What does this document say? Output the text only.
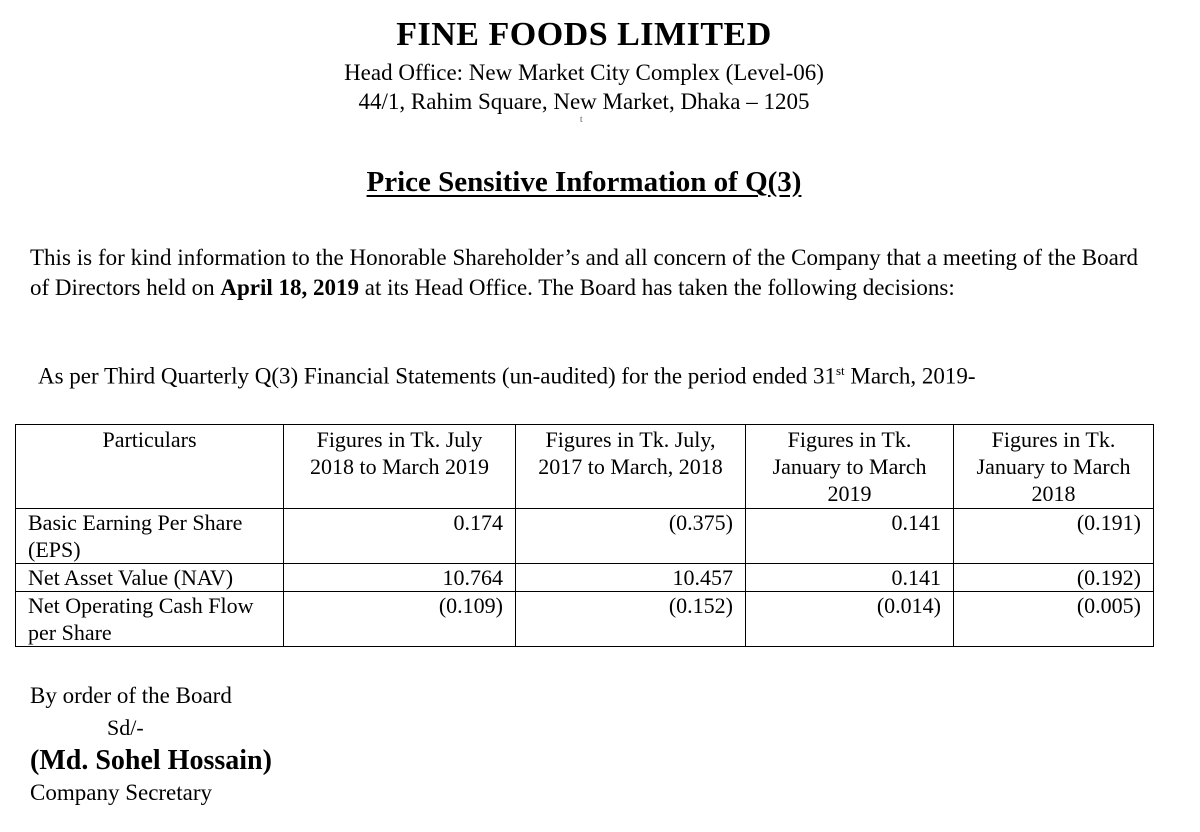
FINE FOODS LIMITED
Head Office: New Market City Complex (Level-06)
44/1, Rahim Square, New Market, Dhaka – 1205
t
Price Sensitive Information of Q(3)

This is for kind information to the Honorable Shareholder’s and all concern of the Company that a meeting of the Board of Directors held on April 18, 2019 at its Head Office. The Board has taken the following decisions:

As per Third Quarterly Q(3) Financial Statements (un-audited) for the period ended 31st March, 2019-
Particulars	Figures in Tk. July 2018 to March 2019	Figures in Tk. July, 2017 to March, 2018	Figures in Tk. January to March 2019	Figures in Tk. January to March 2018
Basic Earning Per Share (EPS)	0.174	(0.375)	0.141	(0.191)
Net Asset Value (NAV)	10.764	10.457	0.141	(0.192)
Net Operating Cash Flow per Share	(0.109)	(0.152)	(0.014)	(0.005)
By order of the Board
Sd/-
(Md. Sohel Hossain)
Company Secretary
